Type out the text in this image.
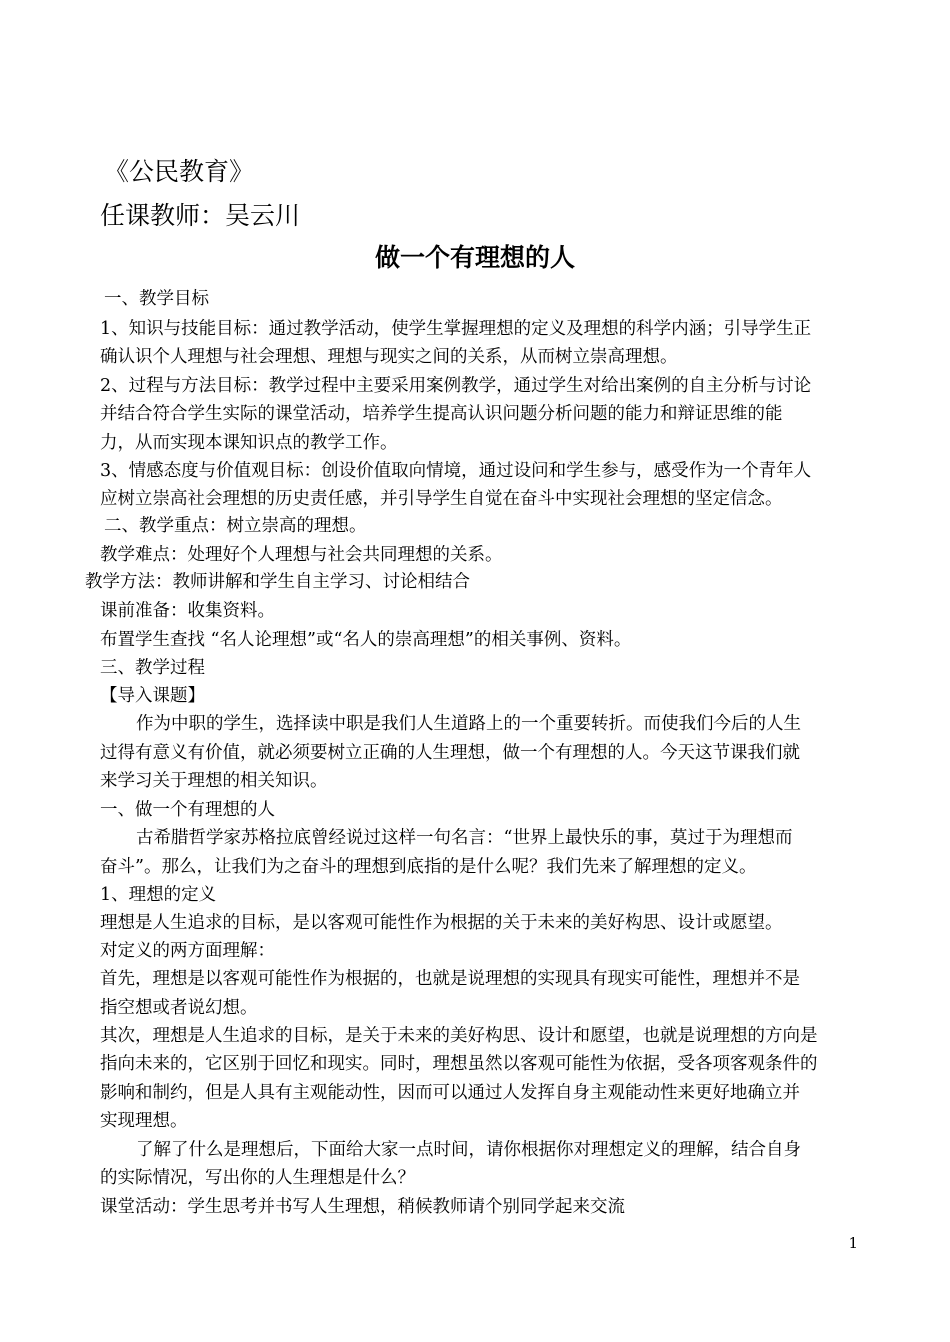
《公民教育》
任课教师：吴云川
做一个有理想的人
一、教学目标
1、知识与技能目标：通过教学活动，使学生掌握理想的定义及理想的科学内涵；引导学生正
确认识个人理想与社会理想、理想与现实之间的关系，从而树立崇高理想。
2、过程与方法目标：教学过程中主要采用案例教学，通过学生对给出案例的自主分析与讨论
并结合符合学生实际的课堂活动，培养学生提高认识问题分析问题的能力和辩证思维的能
力，从而实现本课知识点的教学工作。
3、情感态度与价值观目标：创设价值取向情境，通过设问和学生参与，感受作为一个青年人
应树立崇高社会理想的历史责任感，并引导学生自觉在奋斗中实现社会理想的坚定信念。
二、教学重点：树立崇高的理想。
教学难点：处理好个人理想与社会共同理想的关系。
教学方法：教师讲解和学生自主学习、讨论相结合
课前准备：收集资料。
布置学生查找 “名人论理想”或“名人的崇高理想”的相关事例、资料。
三、教学过程
【导入课题】
作为中职的学生，选择读中职是我们人生道路上的一个重要转折。而使我们今后的人生
过得有意义有价值，就必须要树立正确的人生理想，做一个有理想的人。今天这节课我们就
来学习关于理想的相关知识。
一、做一个有理想的人
古希腊哲学家苏格拉底曾经说过这样一句名言：“世界上最快乐的事，莫过于为理想而
奋斗”。那么，让我们为之奋斗的理想到底指的是什么呢？我们先来了解理想的定义。
1、理想的定义
理想是人生追求的目标，是以客观可能性作为根据的关于未来的美好构思、设计或愿望。
对定义的两方面理解：
首先，理想是以客观可能性作为根据的，也就是说理想的实现具有现实可能性，理想并不是
指空想或者说幻想。
其次，理想是人生追求的目标，是关于未来的美好构思、设计和愿望，也就是说理想的方向是
指向未来的，它区别于回忆和现实。同时，理想虽然以客观可能性为依据，受各项客观条件的
影响和制约，但是人具有主观能动性，因而可以通过人发挥自身主观能动性来更好地确立并
实现理想。
了解了什么是理想后，下面给大家一点时间，请你根据你对理想定义的理解，结合自身
的实际情况，写出你的人生理想是什么？
课堂活动：学生思考并书写人生理想，稍候教师请个别同学起来交流
1
